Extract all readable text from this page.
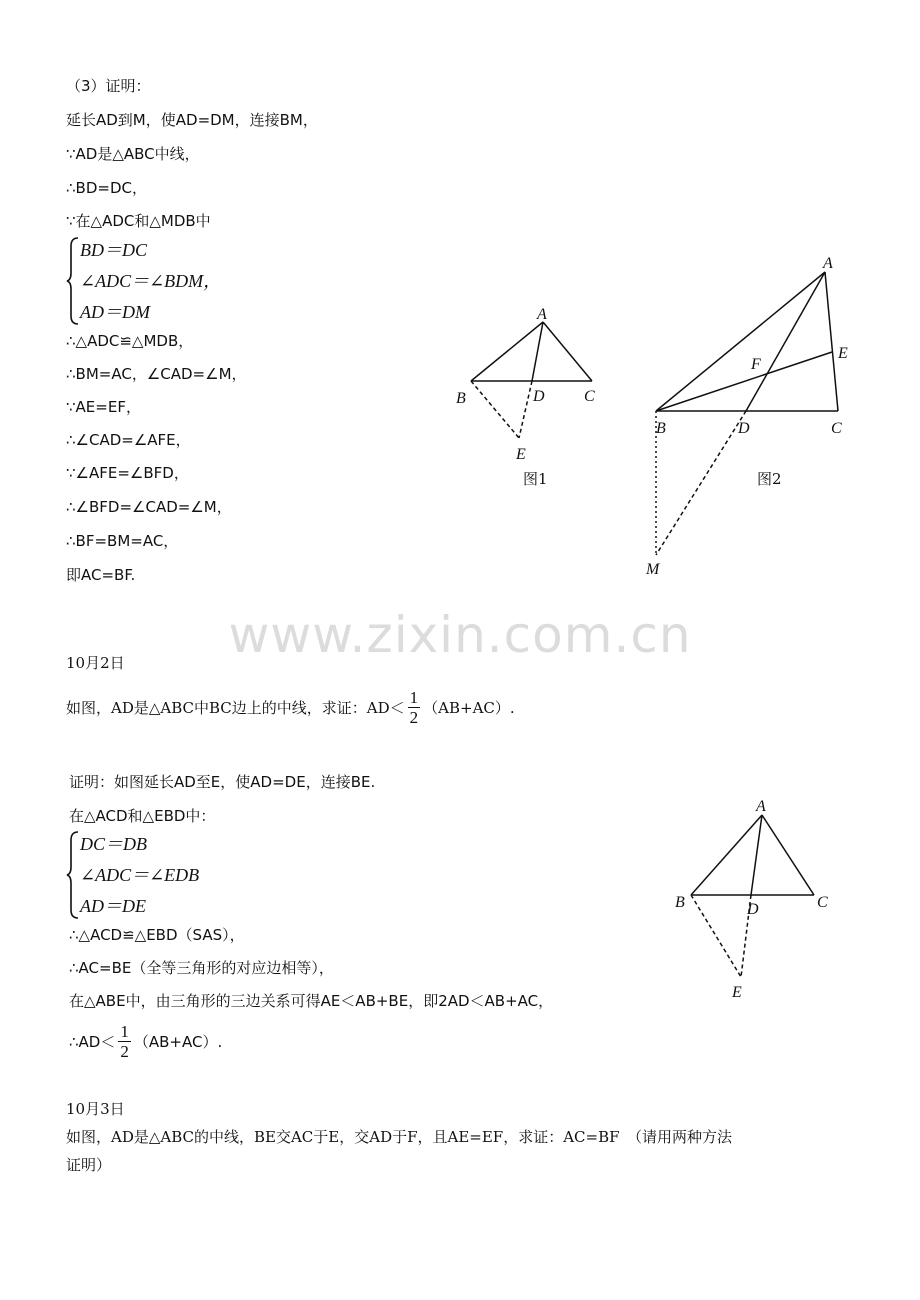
（3）证明：
延长AD到M，使AD=DM，连接BM，
∵AD是△ABC中线，
∴BD=DC，
∵在△ADC和△MDB中
BD＝DC
∠ADC＝∠BDM，
AD＝DM
∴△ADC≌△MDB，
∴BM=AC，∠CAD=∠M，
∵AE=EF，
∴∠CAD=∠AFE，
∵∠AFE=∠BFD，
∴∠BFD=∠CAD=∠M，
∴BF=BM=AC，
即AC=BF.
A
B	C
D
E
图1
A
B	C
D
E
F
M
图2
A
B	C
D
E
www.zixin.com.cn
10月2日
如图，AD是△ABC中BC边上的中线，求证：$AD< \frac{1}{2} (AB+AC)$.
证明：如图延长AD至E，使AD=DE，连接BE.
在△ACD和△EBD中：
DC＝DB
∠ADC＝∠EDB
AD＝DE
∴△ACD≌△EBD（SAS），
∴AC=BE（全等三角形的对应边相等），
在△ABE中，由三角形的三边关系可得AE＜AB+BE，即2AD＜AB+AC，
∴AD＜ $\frac{1}{2} (AB+AC)$.
10月3日
如图，AD是△ABC的中线，BE交AC于E，交AD于F，且AE=EF，求证：AC=BF　（请用两种方法
证明）
